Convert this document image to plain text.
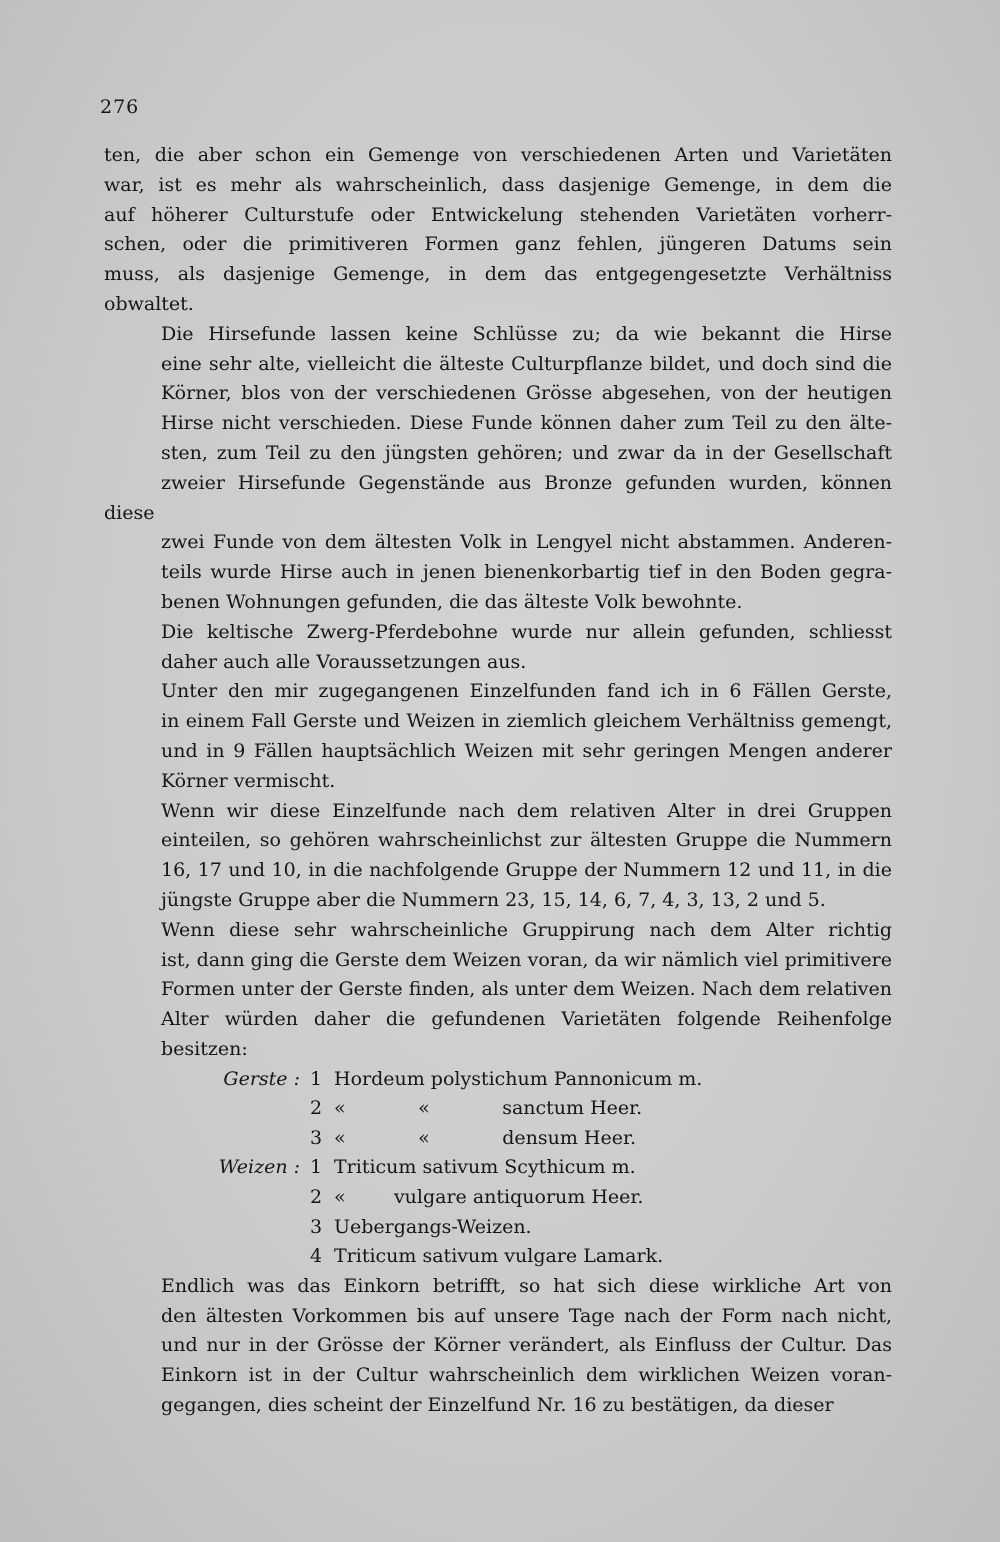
276

ten, die aber schon ein Gemenge von verschiedenen Arten und Varietäten
war, ist es mehr als wahrscheinlich, dass dasjenige Gemenge, in dem die
auf höherer Culturstufe oder Entwickelung stehenden Varietäten vorherr-
schen, oder die primitiveren Formen ganz fehlen, jüngeren Datums sein
muss, als dasjenige Gemenge, in dem das entgegengesetzte Verhältniss
obwaltet.

Die Hirsefunde lassen keine Schlüsse zu; da wie bekannt die Hirse
eine sehr alte, vielleicht die älteste Culturpflanze bildet, und doch sind die
Körner, blos von der verschiedenen Grösse abgesehen, von der heutigen
Hirse nicht verschieden. Diese Funde können daher zum Teil zu den älte-
sten, zum Teil zu den jüngsten gehören; und zwar da in der Gesellschaft
zweier Hirsefunde Gegenstände aus Bronze gefunden wurden, können diese
zwei Funde von dem ältesten Volk in Lengyel nicht abstammen. Anderen-
teils wurde Hirse auch in jenen bienenkorbartig tief in den Boden gegra-
benen Wohnungen gefunden, die das älteste Volk bewohnte.

Die keltische Zwerg-Pferdebohne wurde nur allein gefunden, schliesst
daher auch alle Voraussetzungen aus.

Unter den mir zugegangenen Einzelfunden fand ich in 6 Fällen Gerste,
in einem Fall Gerste und Weizen in ziemlich gleichem Verhältniss gemengt,
und in 9 Fällen hauptsächlich Weizen mit sehr geringen Mengen anderer
Körner vermischt.

Wenn wir diese Einzelfunde nach dem relativen Alter in drei Gruppen
einteilen, so gehören wahrscheinlichst zur ältesten Gruppe die Nummern
16, 17 und 10, in die nachfolgende Gruppe der Nummern 12 und 11, in die
jüngste Gruppe aber die Nummern 23, 15, 14, 6, 7, 4, 3, 13, 2 und 5.

Wenn diese sehr wahrscheinliche Gruppirung nach dem Alter richtig
ist, dann ging die Gerste dem Weizen voran, da wir nämlich viel primitivere
Formen unter der Gerste finden, als unter dem Weizen. Nach dem relativen
Alter würden daher die gefundenen Varietäten folgende Reihenfolge
besitzen:

Gerste : 1 Hordeum polystichum Pannonicum m.
2 «            «            sanctum Heer.
3 «            «            densum Heer.
Weizen : 1 Triticum sativum Scythicum m.
2 «        vulgare antiquorum Heer.
3 Uebergangs-Weizen.
4 Triticum sativum vulgare Lamark.

Endlich was das Einkorn betrifft, so hat sich diese wirkliche Art von
den ältesten Vorkommen bis auf unsere Tage nach der Form nach nicht,
und nur in der Grösse der Körner verändert, als Einfluss der Cultur. Das
Einkorn ist in der Cultur wahrscheinlich dem wirklichen Weizen voran-
gegangen, dies scheint der Einzelfund Nr. 16 zu bestätigen, da dieser
